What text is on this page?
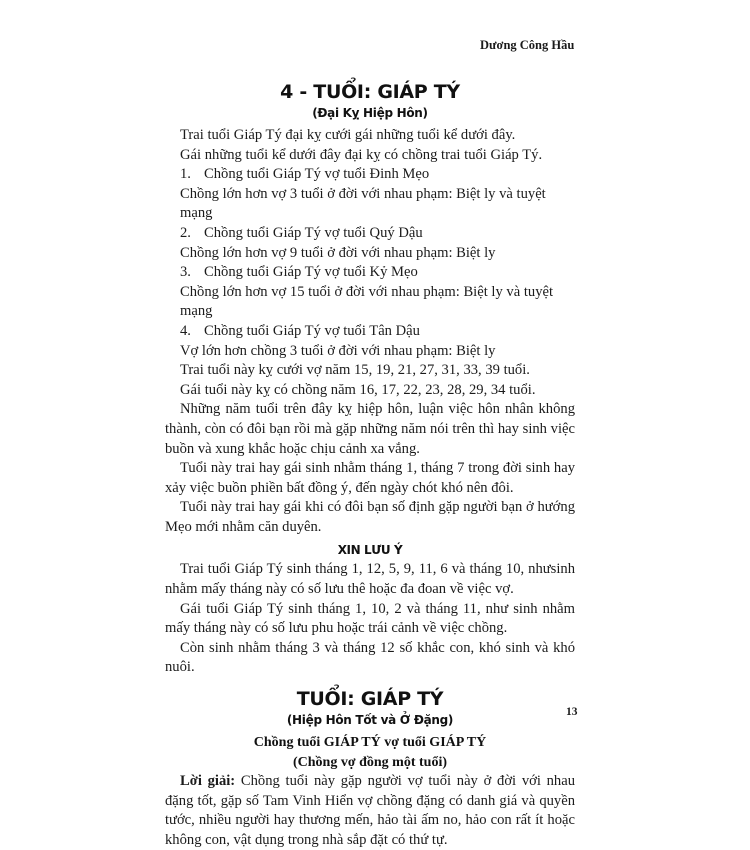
Dương Công Hầu
4 - TUỔI: GIÁP TÝ
(Đại Kỵ Hiệp Hôn)

Trai tuổi Giáp Tý đại kỵ cưới gái những tuổi kể dưới đây.

Gái những tuổi kể dưới đây đại kỵ có chồng trai tuổi Giáp Tý.

1. Chồng tuổi Giáp Tý vợ tuổi Đinh Mẹo

Chồng lớn hơn vợ 3 tuổi ở đời với nhau phạm: Biệt ly và tuyệt mạng

2. Chồng tuổi Giáp Tý vợ tuổi Quý Dậu

Chồng lớn hơn vợ 9 tuổi ở đời với nhau phạm: Biệt ly

3. Chồng tuổi Giáp Tý vợ tuổi Kỷ Mẹo

Chồng lớn hơn vợ 15 tuổi ở đời với nhau phạm: Biệt ly và tuyệt mạng

4. Chồng tuổi Giáp Tý vợ tuổi Tân Dậu

Vợ lớn hơn chồng 3 tuổi ở đời với nhau phạm: Biệt ly

Trai tuổi này kỵ cưới vợ năm 15, 19, 21, 27, 31, 33, 39 tuổi.

Gái tuổi này kỵ có chồng năm 16, 17, 22, 23, 28, 29, 34 tuổi.

Những năm tuổi trên đây kỵ hiệp hôn, luận việc hôn nhân không thành, còn có đôi bạn rồi mà gặp những năm nói trên thì hay sinh việc buồn và xung khắc hoặc chịu cảnh xa vắng.

Tuổi này trai hay gái sinh nhằm tháng 1, tháng 7 trong đời sinh hay xảy việc buồn phiền bất đồng ý, đến ngày chót khó nên đôi.

Tuổi này trai hay gái khi có đôi bạn số định gặp người bạn ở hướng Mẹo mới nhằm căn duyên.

XIN LƯU Ý

Trai tuổi Giáp Tý sinh tháng 1, 12, 5, 9, 11, 6 và tháng 10, nhưsinh nhằm mấy tháng này có số lưu thê hoặc đa đoan về việc vợ.

Gái tuổi Giáp Tý sinh tháng 1, 10, 2 và tháng 11, như sinh nhằm mấy tháng này có số lưu phu hoặc trái cảnh về việc chồng.

Còn sinh nhằm tháng 3 và tháng 12 số khắc con, khó sinh và khó nuôi.

TUỔI: GIÁP TÝ
(Hiệp Hôn Tốt và Ở Đặng)

Chồng tuổi GIÁP TÝ vợ tuổi GIÁP TÝ

(Chồng vợ đồng một tuổi)

Lời giải: Chồng tuổi này gặp người vợ tuổi này ở đời với nhau đặng tốt, gặp số Tam Vinh Hiển vợ chồng đặng có danh giá và quyền tước, nhiều người hay thương mến, hảo tài ấm no, hảo con rất ít hoặc không con, vật dụng trong nhà sắp đặt có thứ tự.

13
